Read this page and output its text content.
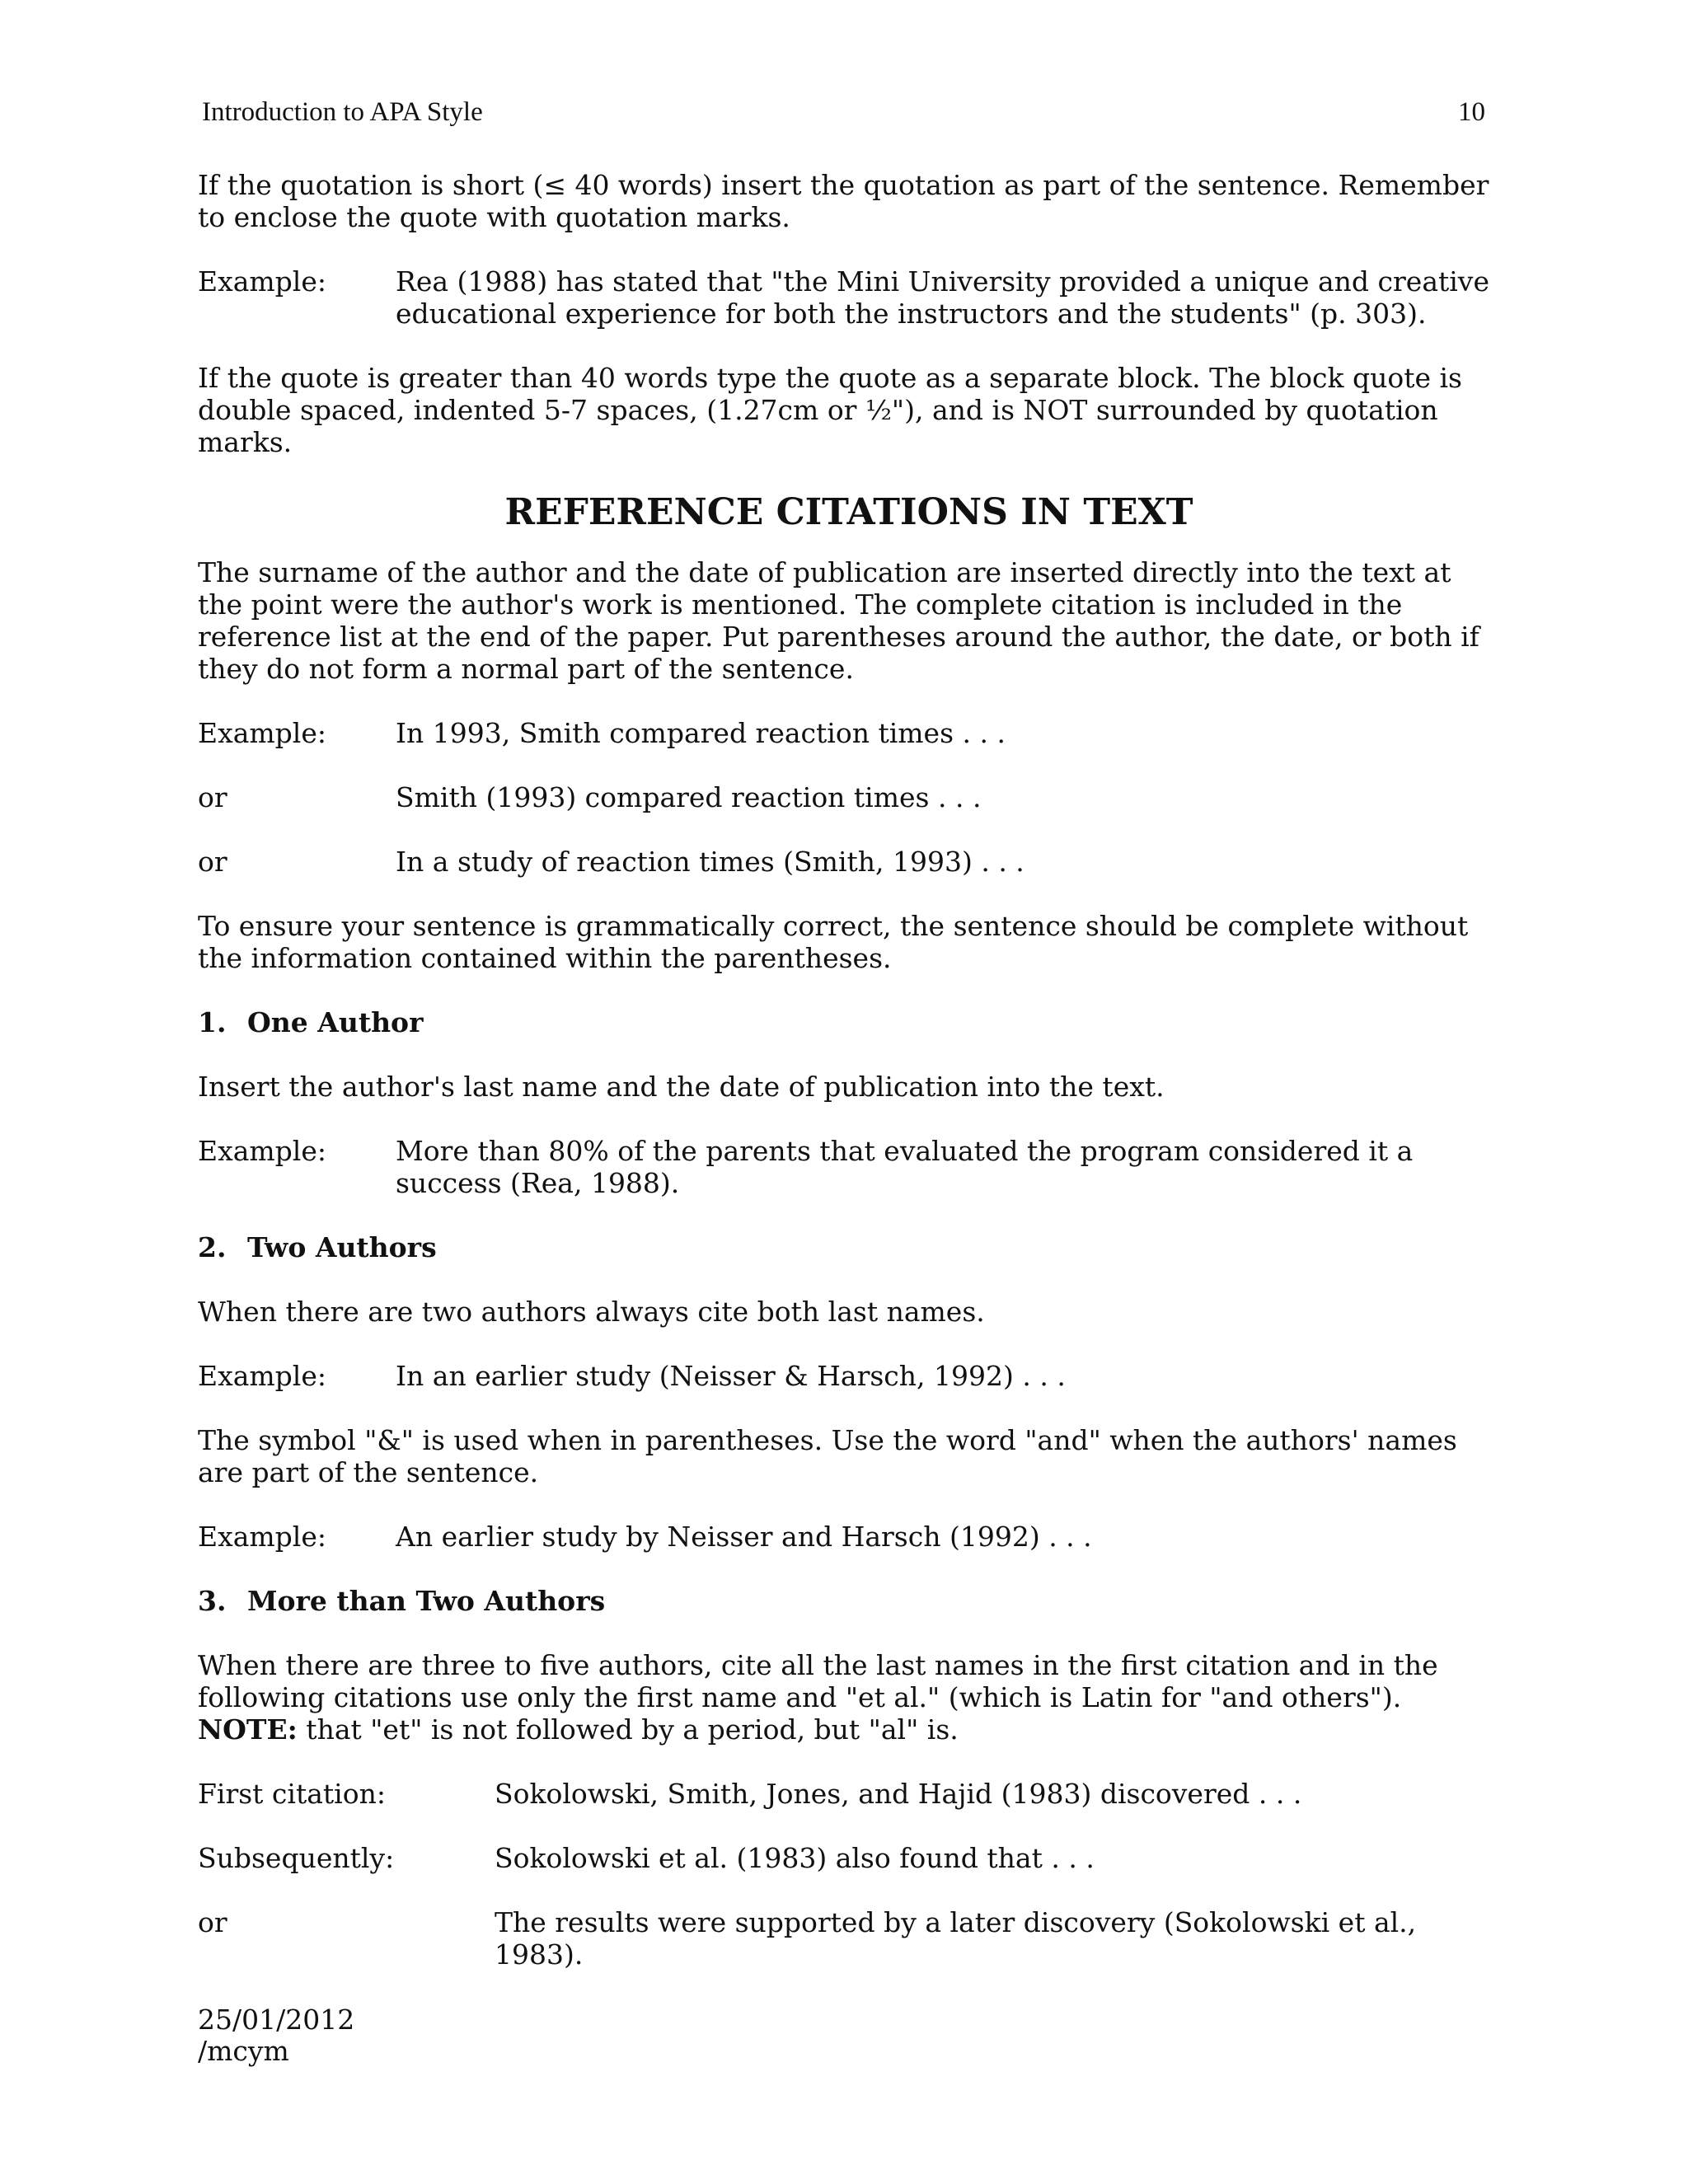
Introduction to APA Style	10

If the quotation is short (≤ 40 words) insert the quotation as part of the sentence. Remember to enclose the quote with quotation marks.

Example:	Rea (1988) has stated that "the Mini University provided a unique and creative educational experience for both the instructors and the students" (p. 303).

If the quote is greater than 40 words type the quote as a separate block. The block quote is double spaced, indented 5-7 spaces, (1.27cm or ½"), and is NOT surrounded by quotation marks.

REFERENCE CITATIONS IN TEXT

The surname of the author and the date of publication are inserted directly into the text at the point were the author's work is mentioned. The complete citation is included in the reference list at the end of the paper. Put parentheses around the author, the date, or both if they do not form a normal part of the sentence.

Example:	In 1993, Smith compared reaction times . . .
or	Smith (1993) compared reaction times . . .
or	In a study of reaction times (Smith, 1993) . . .

To ensure your sentence is grammatically correct, the sentence should be complete without the information contained within the parentheses.

1. One Author

Insert the author's last name and the date of publication into the text.

Example:	More than 80% of the parents that evaluated the program considered it a success (Rea, 1988).
2. Two Authors

When there are two authors always cite both last names.

Example:	In an earlier study (Neisser & Harsch, 1992) . . .

The symbol "&" is used when in parentheses. Use the word "and" when the authors' names are part of the sentence.

Example:	An earlier study by Neisser and Harsch (1992) . . .
3. More than Two Authors

When there are three to five authors, cite all the last names in the first citation and in the following citations use only the first name and "et al." (which is Latin for "and others").

NOTE: that "et" is not followed by a period, but "al" is.

First citation:	Sokolowski, Smith, Jones, and Hajid (1983) discovered . . .
Subsequently:	Sokolowski et al. (1983) also found that . . .
or	The results were supported by a later discovery (Sokolowski et al., 1983).
25/01/2012
/mcym
